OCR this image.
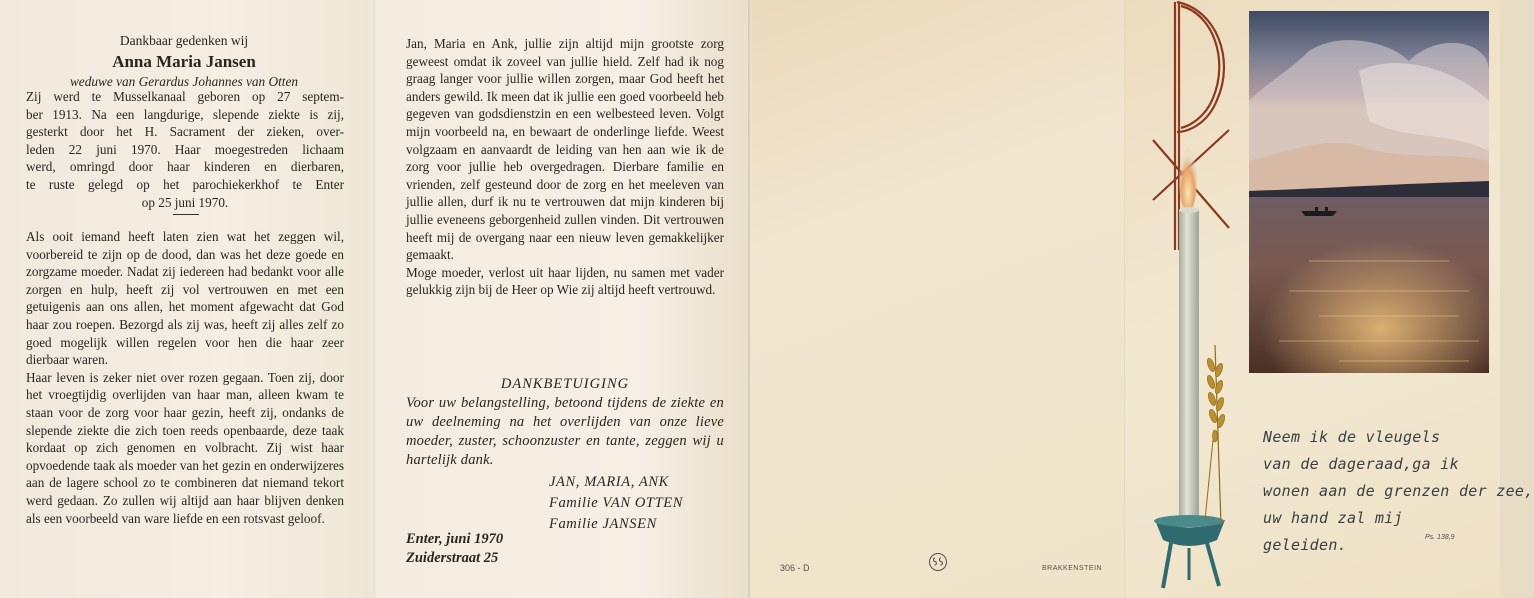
Dankbaar gedenken wij
Anna Maria Jansen
weduwe van Gerardus Johannes van Otten
Zij werd te Musselkanaal geboren op 27 septem-
ber 1913. Na een langdurige, slepende ziekte is zij,
gesterkt door het H. Sacrament der zieken, over-
leden 22 juni 1970. Haar moegestreden lichaam
werd, omringd door haar kinderen en dierbaren,
te ruste gelegd op het parochiekerkhof te Enter
op 25 juni 1970.

Als ooit iemand heeft laten zien wat het zeggen wil, voorbereid te zijn op de dood, dan was het deze goede en zorgzame moeder. Nadat zij iedereen had bedankt voor alle zorgen en hulp, heeft zij vol vertrouwen en met een getuigenis aan ons allen, het moment afgewacht dat God haar zou roepen. Bezorgd als zij was, heeft zij alles zelf zo goed mogelijk willen regelen voor hen die haar zeer dierbaar waren.

Haar leven is zeker niet over rozen gegaan. Toen zij, door het vroegtijdig overlijden van haar man, alleen kwam te staan voor de zorg voor haar gezin, heeft zij, ondanks de slepende ziekte die zich toen reeds openbaarde, deze taak kordaat op zich genomen en volbracht. Zij wist haar opvoedende taak als moeder van het gezin en onderwijzeres aan de lagere school zo te combineren dat niemand tekort werd gedaan. Zo zullen wij altijd aan haar blijven denken als een voorbeeld van ware liefde en een rotsvast geloof.

Jan, Maria en Ank, jullie zijn altijd mijn grootste zorg geweest omdat ik zoveel van jullie hield. Zelf had ik nog graag langer voor jullie willen zorgen, maar God heeft het anders gewild. Ik meen dat ik jullie een goed voorbeeld heb gegeven van godsdienstzin en een welbesteed leven. Volgt mijn voorbeeld na, en bewaart de onderlinge liefde. Weest volgzaam en aanvaardt de leiding van hen aan wie ik de zorg voor jullie heb overgedragen. Dierbare familie en vrienden, zelf gesteund door de zorg en het meeleven van jullie allen, durf ik nu te vertrouwen dat mijn kinderen bij jullie eveneens geborgenheid zullen vinden. Dit vertrouwen heeft mij de overgang naar een nieuw leven gemakkelijker gemaakt.

Moge moeder, verlost uit haar lijden, nu samen met vader gelukkig zijn bij de Heer op Wie zij altijd heeft vertrouwd.

DANKBETUIGING
Voor uw belangstelling, betoond tijdens de ziekte en uw deelneming na het overlijden van onze lieve moeder, zuster, schoonzuster en tante, zeggen wij u hartelijk dank.
JAN, MARIA, ANK
Familie VAN OTTEN
Familie JANSEN
Enter, juni 1970
Zuiderstraat 25
306 - D	BRAKKENSTEIN
Neem ik de vleugels
van de dageraad,ga ik
wonen aan de grenzen der zee,
uw hand zal mij geleiden.	Ps. 138,9
